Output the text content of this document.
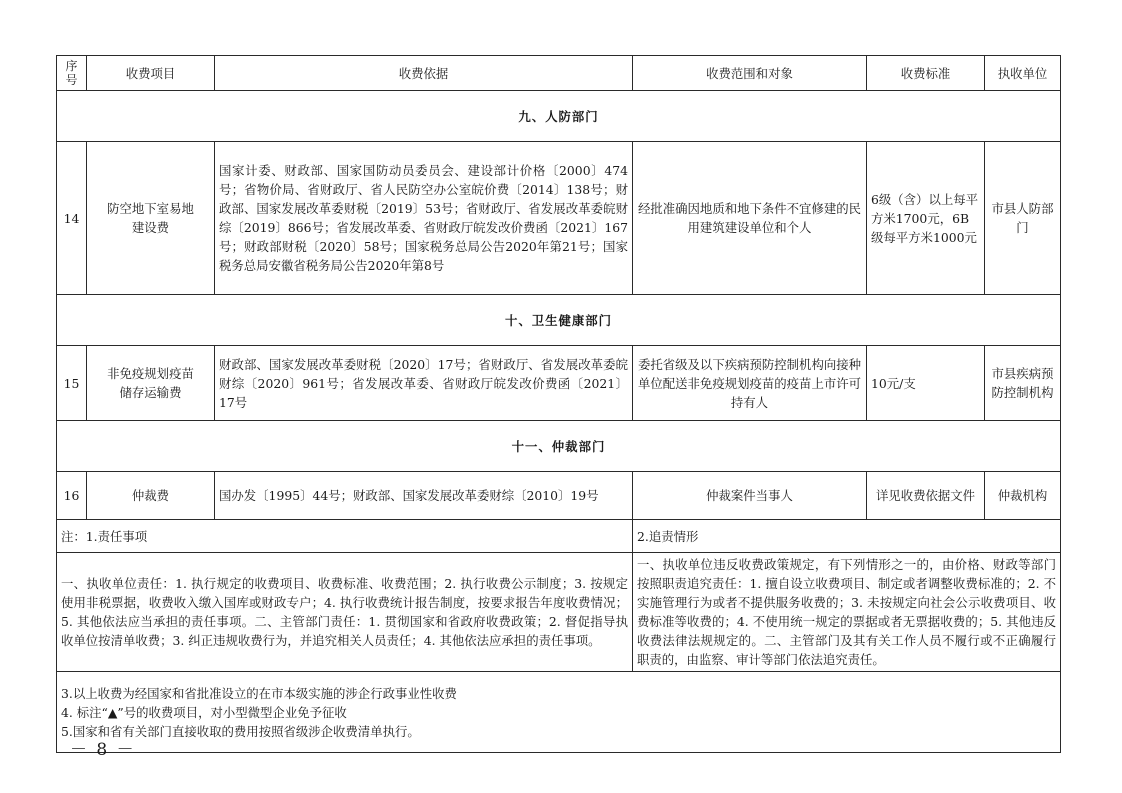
序号	收费项目	收费依据	收费范围和对象	收费标准	执收单位
九、人防部门					
14	防空地下室易地建设费	国家计委、财政部、国家国防动员委员会、建设部计价格〔2000〕474号；省物价局、省财政厅、省人民防空办公室皖价费〔2014〕138号；财政部、国家发展改革委财税〔2019〕53号；省财政厅、省发展改革委皖财综〔2019〕866号；省发展改革委、省财政厅皖发改价费函〔2021〕167号；财政部财税〔2020〕58号；国家税务总局公告2020年第21号；国家税务总局安徽省税务局公告2020年第8号	经批准确因地质和地下条件不宜修建的民用建筑建设单位和个人	6级（含）以上每平方米1700元，6B级每平方米1000元	市县人防部门
十、卫生健康部门					
15	非免疫规划疫苗储存运输费	财政部、国家发展改革委财税〔2020〕17号；省财政厅、省发展改革委皖财综〔2020〕961号；省发展改革委、省财政厅皖发改价费函〔2021〕17号	委托省级及以下疾病预防控制机构向接种单位配送非免疫规划疫苗的疫苗上市许可持有人	10元/支	市县疾病预防控制机构
十一、仲裁部门					
16	仲裁费	国办发〔1995〕44号；财政部、国家发展改革委财综〔2010〕19号	仲裁案件当事人	详见收费依据文件	仲裁机构
注：1.责任事项			2.追责情形		
一、执收单位责任：1. 执行规定的收费项目、收费标准、收费范围；2. 执行收费公示制度；3. 按规定使用非税票据，收费收入缴入国库或财政专户；4. 执行收费统计报告制度，按要求报告年度收费情况；5. 其他依法应当承担的责任事项。二、主管部门责任：1. 贯彻国家和省政府收费政策；2. 督促指导执收单位按清单收费；3. 纠正违规收费行为，并追究相关人员责任；4. 其他依法应承担的责任事项。			一、执收单位违反收费政策规定，有下列情形之一的，由价格、财政等部门按照职责追究责任：1. 擅自设立收费项目、制定或者调整收费标准的；2. 不实施管理行为或者不提供服务收费的；3. 未按规定向社会公示收费项目、收费标准等收费的；4. 不使用统一规定的票据或者无票据收费的；5. 其他违反收费法律法规规定的。二、主管部门及其有关工作人员不履行或不正确履行职责的，由监察、审计等部门依法追究责任。		

3.以上收费为经国家和省批准设立的在市本级实施的涉企行政事业性收费
4. 标注“▲”号的收费项目，对小型微型企业免予征收
5.国家和省有关部门直接收取的费用按照省级涉企收费清单执行。					
－ 8 －
